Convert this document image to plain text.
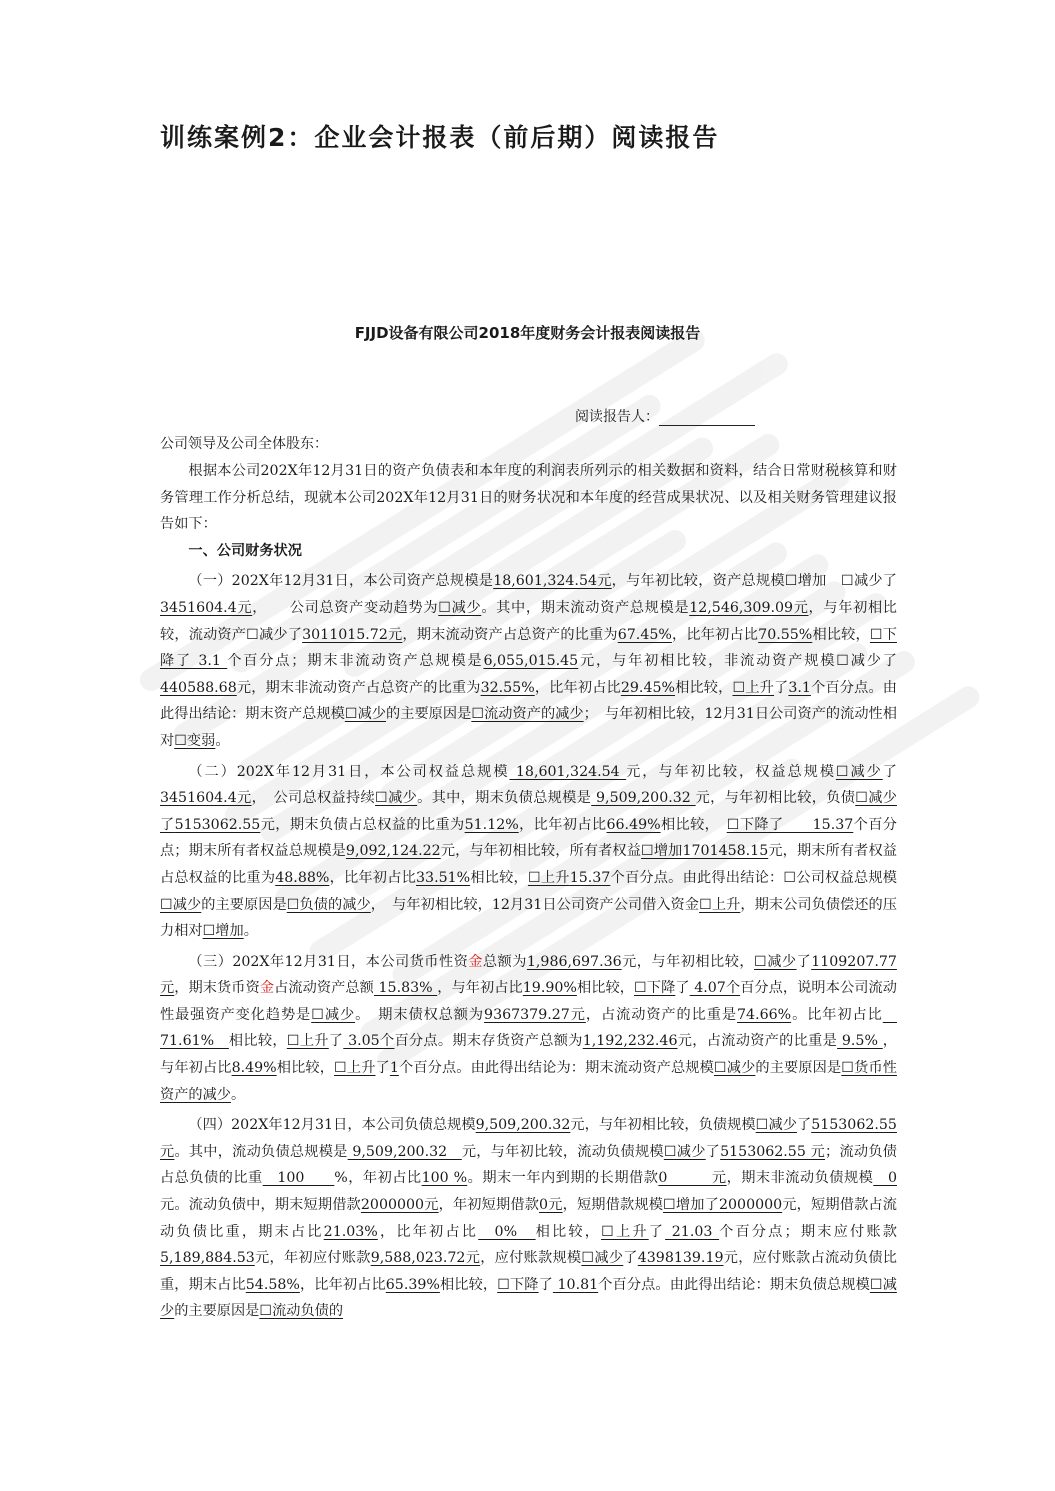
训练案例2：企业会计报表（前后期）阅读报告
FJJD设备有限公司2018年度财务会计报表阅读报告
阅读报告人：
公司领导及公司全体股东：

根据本公司202X年12月31日的资产负债表和本年度的利润表所列示的相关数据和资料，结合日常财税核算和财务管理工作分析总结，现就本公司202X年12月31日的财务状况和本年度的经营成果状况、以及相关财务管理建议报告如下：

一、公司财务状况

（一）202X年12月31日，本公司资产总规模是18,601,324.54元，与年初比较，资产总规模☐增加　☐减少了3451604.4元，　　公司总资产变动趋势为☐减少。其中，期末流动资产总规模是12,546,309.09元，与年初相比较，流动资产☐减少了3011015.72元，期末流动资产占总资产的比重为67.45%，比年初占比70.55%相比较，☐下降了 3.1 个百分点；期末非流动资产总规模是6,055,015.45元，与年初相比较，非流动资产规模☐减少了440588.68元，期末非流动资产占总资产的比重为32.55%，比年初占比29.45%相比较，☐上升了3.1个百分点。由此得出结论：期末资产总规模☐减少的主要原因是☐流动资产的减少；　与年初相比较，12月31日公司资产的流动性相对☐变弱。

（二）202X年12月31日，本公司权益总规模 18,601,324.54 元，与年初比较，权益总规模☐减少了3451604.4元，　公司总权益持续☐减少。其中，期末负债总规模是 9,509,200.32 元，与年初相比较，负债☐减少了5153062.55元，期末负债占总权益的比重为51.12%，比年初占比66.49%相比较，　☐下降了　　15.37个百分点；期末所有者权益总规模是9,092,124.22元，与年初相比较，所有者权益☐增加1701458.15元，期末所有者权益占总权益的比重为48.88%，比年初占比33.51%相比较，☐上升15.37个百分点。由此得出结论：☐公司权益总规模☐减少的主要原因是☐负债的减少，　与年初相比较，12月31日公司资产公司借入资金☐上升，期末公司负债偿还的压力相对☐增加。

（三）202X年12月31日，本公司货币性资金总额为1,986,697.36元，与年初相比较，☐减少了1109207.77元，期末货币资金占流动资产总额 15.83% ，与年初占比19.90%相比较，☐下降了 4.07个百分点，说明本公司流动性最强资产变化趋势是☐减少。　期末债权总额为9367379.27元，占流动资产的比重是74.66%。比年初占比　71.61%　相比较，☐上升了 3.05个百分点。期末存货资产总额为1,192,232.46元，占流动资产的比重是 9.5% ，与年初占比8.49%相比较，☐上升了1个百分点。由此得出结论为：期末流动资产总规模☐减少的主要原因是☐货币性资产的减少。

（四）202X年12月31日，本公司负债总规模9,509,200.32元，与年初相比较，负债规模☐减少了5153062.55 元。其中，流动负债总规模是 9,509,200.32　元，与年初比较，流动负债规模☐减少了5153062.55 元；流动负债占总负债的比重　100　　%，年初占比100 %。期末一年内到期的长期借款0　　　元，期末非流动负债规模　0元。流动负债中，期末短期借款2000000元，年初短期借款0元，短期借款规模☐增加了2000000元，短期借款占流动负债比重，期末占比21.03%，比年初占比　0%　相比较，☐上升了 21.03 个百分点；期末应付账款5,189,884.53元，年初应付账款9,588,023.72元，应付账款规模☐减少了4398139.19元，应付账款占流动负债比重，期末占比54.58%，比年初占比65.39%相比较，☐下降了 10.81个百分点。由此得出结论：期末负债总规模☐减少的主要原因是☐流动负债的
